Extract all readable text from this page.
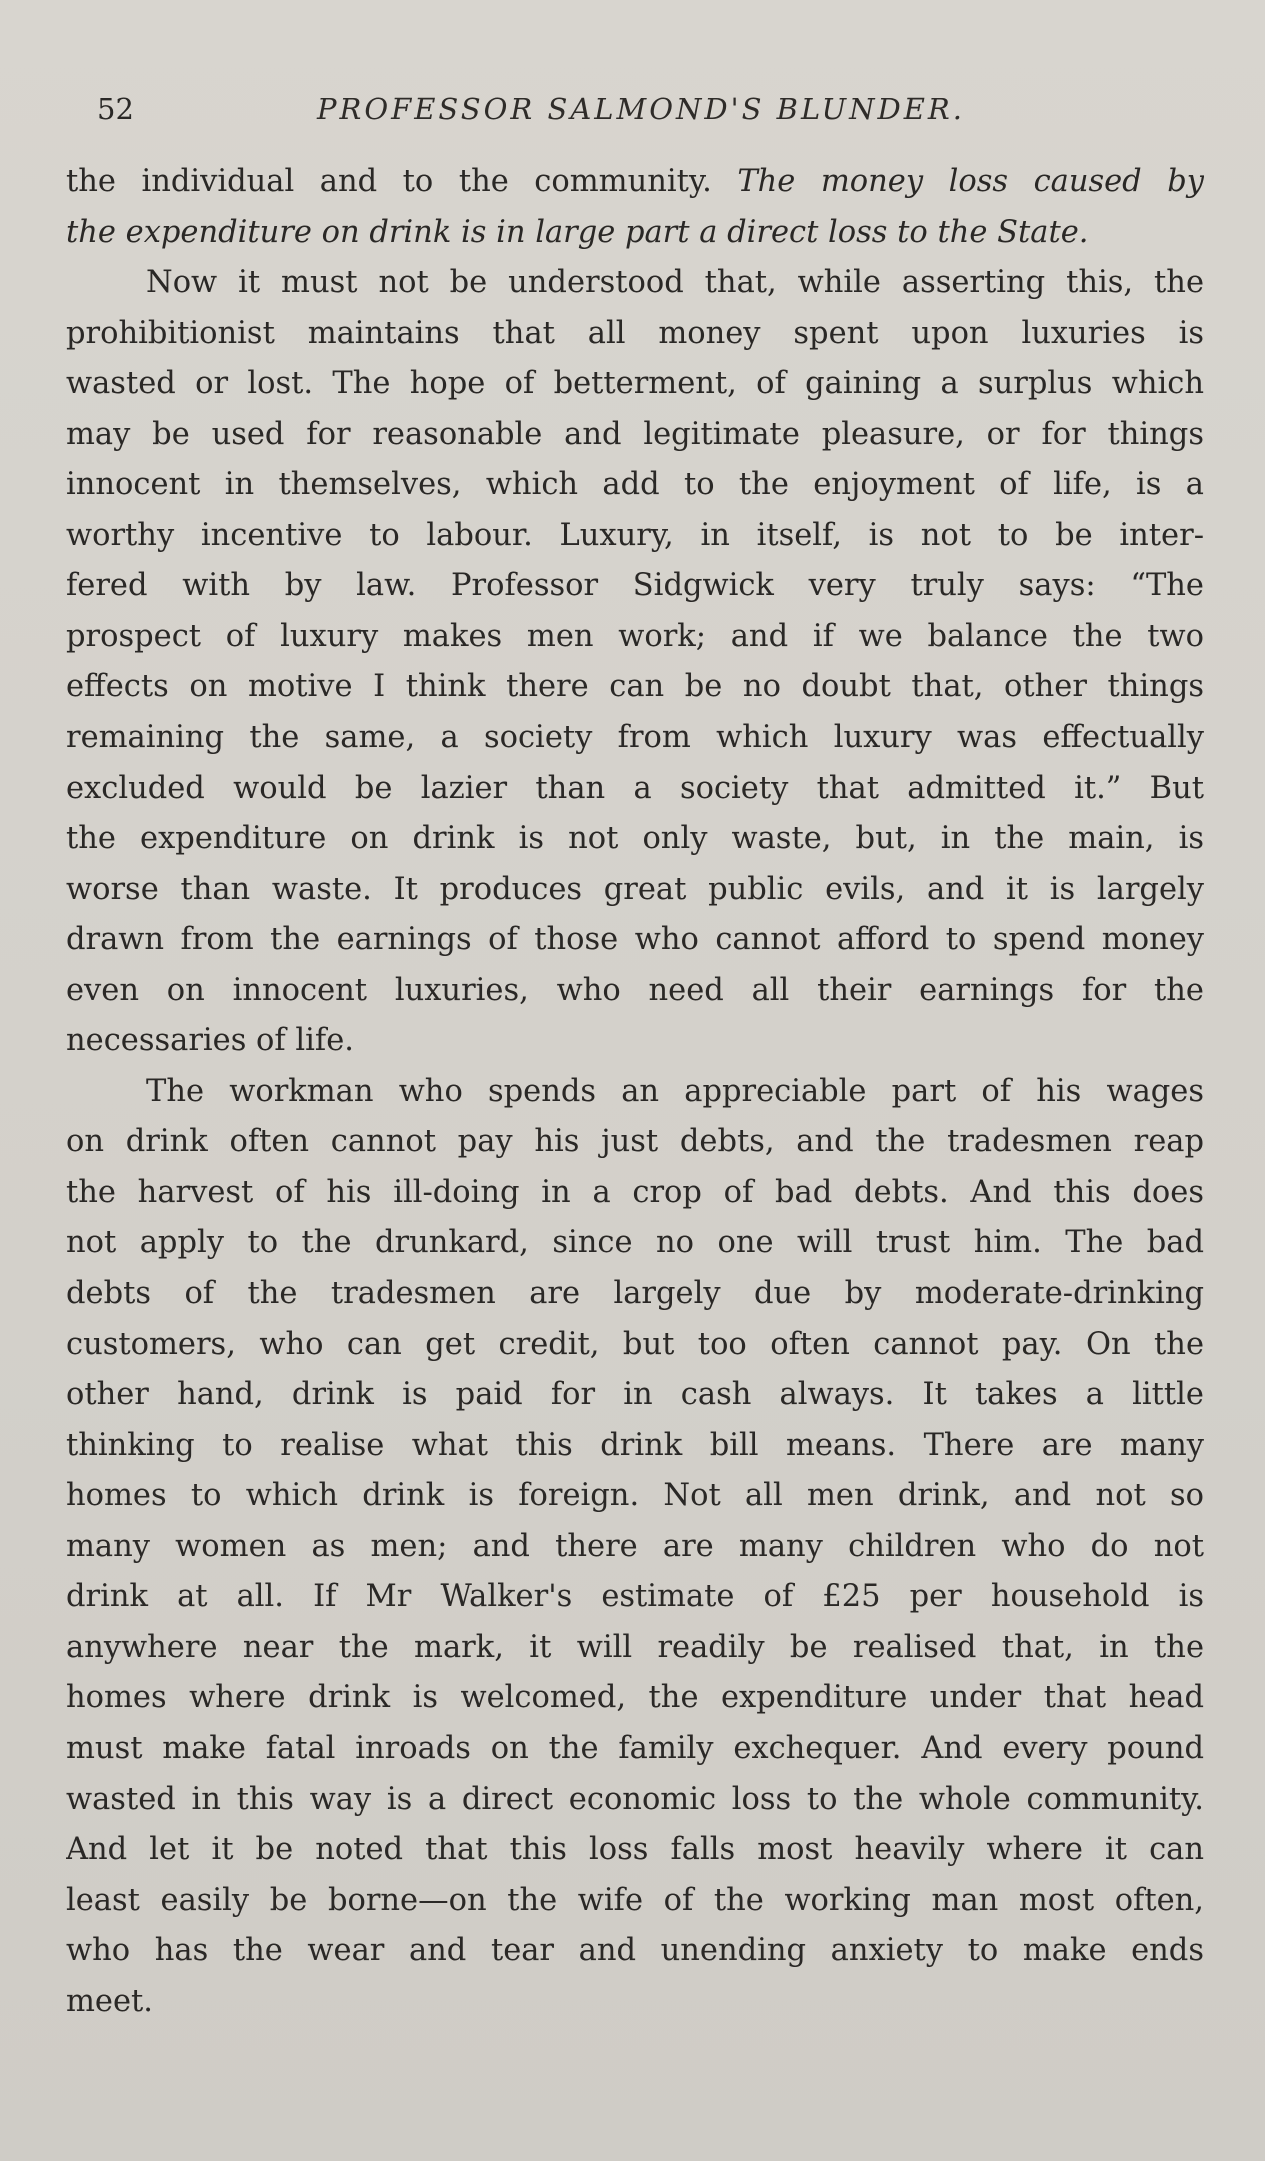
52	PROFESSOR SALMOND'S BLUNDER.
the individual and to the community. The money loss caused by
the expenditure on drink is in large part a direct loss to the State.
Now it must not be understood that, while asserting this, the
prohibitionist maintains that all money spent upon luxuries is
wasted or lost. The hope of betterment, of gaining a surplus which
may be used for reasonable and legitimate pleasure, or for things
innocent in themselves, which add to the enjoyment of life, is a
worthy incentive to labour. Luxury, in itself, is not to be inter-
fered with by law. Professor Sidgwick very truly says: “The
prospect of luxury makes men work; and if we balance the two
effects on motive I think there can be no doubt that, other things
remaining the same, a society from which luxury was effectually
excluded would be lazier than a society that admitted it.” But
the expenditure on drink is not only waste, but, in the main, is
worse than waste. It produces great public evils, and it is largely
drawn from the earnings of those who cannot afford to spend money
even on innocent luxuries, who need all their earnings for the
necessaries of life.
The workman who spends an appreciable part of his wages
on drink often cannot pay his just debts, and the tradesmen reap
the harvest of his ill-doing in a crop of bad debts. And this does
not apply to the drunkard, since no one will trust him. The bad
debts of the tradesmen are largely due by moderate-drinking
customers, who can get credit, but too often cannot pay. On the
other hand, drink is paid for in cash always. It takes a little
thinking to realise what this drink bill means. There are many
homes to which drink is foreign. Not all men drink, and not so
many women as men; and there are many children who do not
drink at all. If Mr Walker's estimate of £25 per household is
anywhere near the mark, it will readily be realised that, in the
homes where drink is welcomed, the expenditure under that head
must make fatal inroads on the family exchequer. And every pound
wasted in this way is a direct economic loss to the whole community.
And let it be noted that this loss falls most heavily where it can
least easily be borne—on the wife of the working man most often,
who has the wear and tear and unending anxiety to make ends
meet.
